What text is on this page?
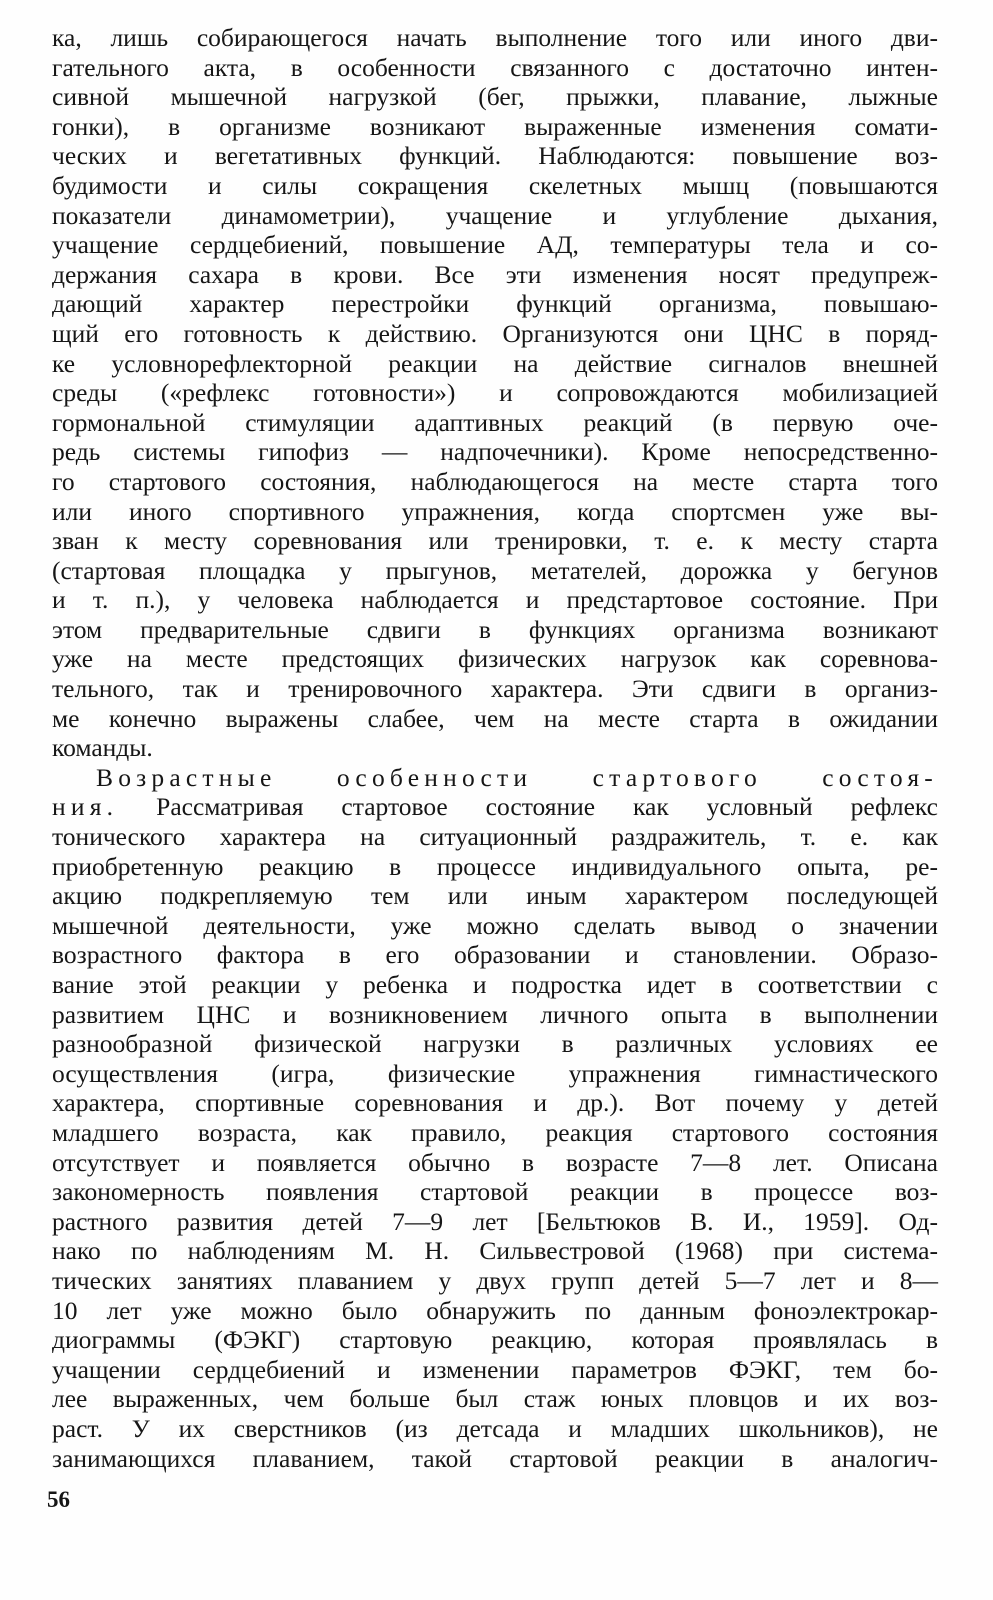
ка, лишь собирающегося начать выполнение того или иного дви-
гательного акта, в особенности связанного с достаточно интен-
сивной мышечной нагрузкой (бег, прыжки, плавание, лыжные
гонки), в организме возникают выраженные изменения сомати-
ческих и вегетативных функций. Наблюдаются: повышение воз-
будимости и силы сокращения скелетных мышц (повышаются
показатели динамометрии), учащение и углубление дыхания,
учащение сердцебиений, повышение АД, температуры тела и со-
держания сахара в крови. Все эти изменения носят предупреж-
дающий характер перестройки функций организма, повышаю-
щий его готовность к действию. Организуются они ЦНС в поряд-
ке условнорефлекторной реакции на действие сигналов внешней
среды («рефлекс готовности») и сопровождаются мобилизацией
гормональной стимуляции адаптивных реакций (в первую оче-
редь системы гипофиз — надпочечники). Кроме непосредственно-
го стартового состояния, наблюдающегося на месте старта того
или иного спортивного упражнения, когда спортсмен уже вы-
зван к месту соревнования или тренировки, т. е. к месту старта
(стартовая площадка у прыгунов, метателей, дорожка у бегунов
и т. п.), у человека наблюдается и предстартовое состояние. При
этом предварительные сдвиги в функциях организма возникают
уже на месте предстоящих физических нагрузок как соревнова-
тельного, так и тренировочного характера. Эти сдвиги в организ-
ме конечно выражены слабее, чем на месте старта в ожидании
команды.
Возрастные особенности стартового состоя-
ния. Рассматривая стартовое состояние как условный рефлекс
тонического характера на ситуационный раздражитель, т. е. как
приобретенную реакцию в процессе индивидуального опыта, ре-
акцию подкрепляемую тем или иным характером последующей
мышечной деятельности, уже можно сделать вывод о значении
возрастного фактора в его образовании и становлении. Образо-
вание этой реакции у ребенка и подростка идет в соответствии с
развитием ЦНС и возникновением личного опыта в выполнении
разнообразной физической нагрузки в различных условиях ее
осуществления (игра, физические упражнения гимнастического
характера, спортивные соревнования и др.). Вот почему у детей
младшего возраста, как правило, реакция стартового состояния
отсутствует и появляется обычно в возрасте 7—8 лет. Описана
закономерность появления стартовой реакции в процессе воз-
растного развития детей 7—9 лет [Бельтюков В. И., 1959]. Од-
нако по наблюдениям М. Н. Сильвестровой (1968) при система-
тических занятиях плаванием у двух групп детей 5—7 лет и 8—
10 лет уже можно было обнаружить по данным фоноэлектрокар-
диограммы (ФЭКГ) стартовую реакцию, которая проявлялась в
учащении сердцебиений и изменении параметров ФЭКГ, тем бо-
лее выраженных, чем больше был стаж юных пловцов и их воз-
раст. У их сверстников (из детсада и младших школьников), не
занимающихся плаванием, такой стартовой реакции в аналогич-
56
